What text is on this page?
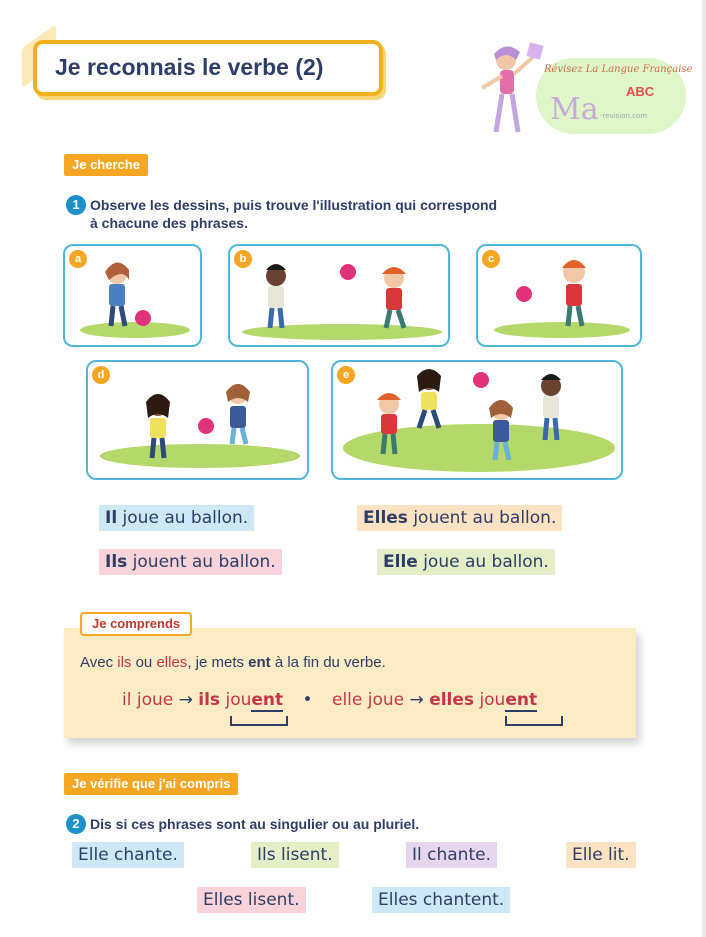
Je reconnais le verbe (2)	Révisez La Langue Française
Ma
ABC
-revision.com
Je cherche
1 Observe les dessins, puis trouve l'illustration qui correspond
à chacune des phrases.
a	b	c
d	e
Il joue au ballon.	Elles jouent au ballon.
Ils jouent au ballon.	Elle joue au ballon.
Je comprends
Avec ils ou elles, je mets ent à la fin du verbe.
il joue → ils jouent • elle joue → elles jouent
Je vérifie que j'ai compris
2 Dis si ces phrases sont au singulier ou au pluriel.
Elle chante.	Ils lisent.	Il chante.	Elle lit.
Elles lisent.	Elles chantent.
